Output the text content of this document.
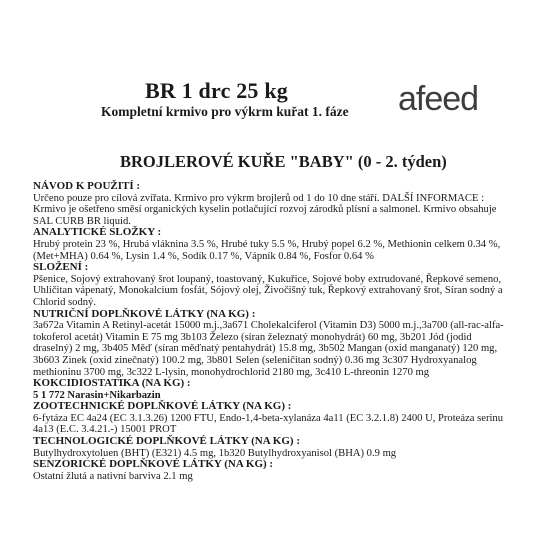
BR 1 drc 25 kg
Kompletní krmivo pro výkrm kuřat 1. fáze afeed
BROJLEROVÉ KUŘE "BABY" (0 - 2. týden)
NÁVOD K POUŽITÍ :

Určeno pouze pro cílová zvířata. Krmivo pro výkrm brojlerů od 1 do 10 dne stáří. DALŠÍ INFORMACE : Krmivo je ošetřeno směsí organických kyselin potlačující rozvoj zárodků plísní a salmonel. Krmivo obsahuje SAL CURB BR liquid.

ANALYTICKÉ SLOŽKY :

Hrubý protein 23 %, Hrubá vláknina 3.5 %, Hrubé tuky 5.5 %, Hrubý popel 6.2 %, Methionin celkem 0.34 %, (Met+MHA) 0.64 %, Lysin 1.4 %, Sodík 0.17 %, Vápník 0.84 %, Fosfor 0.64 %

SLOŽENÍ :

Pšenice, Sojový extrahovaný šrot loupaný, toastovaný, Kukuřice, Sojové boby extrudované, Řepkové semeno, Uhličitan vápenatý, Monokalcium fosfát, Sójový olej, Živočišný tuk, Řepkový extrahovaný šrot, Síran sodný a Chlorid sodný.

NUTRIČNÍ DOPLŇKOVÉ LÁTKY (NA KG) :

3a672a Vitamin A Retinyl-acetát 15000 m.j.,3a671 Cholekalciferol (Vitamin D3) 5000 m.j.,3a700 (all-rac-alfa-tokoferol acetát) Vitamin E 75 mg 3b103 Železo (síran železnatý monohydrát) 60 mg, 3b201 Jód (jodid draselný) 2 mg, 3b405 Měď (síran měďnatý pentahydrát) 15.8 mg, 3b502 Mangan (oxid manganatý) 120 mg, 3b603 Zinek (oxid zinečnatý) 100.2 mg, 3b801 Selen (seleničitan sodný) 0.36 mg 3c307 Hydroxyanalog methioninu 3700 mg, 3c322 L-lysin, monohydrochlorid 2180 mg, 3c410 L-threonin 1270 mg

KOKCIDIOSTATIKA (NA KG) :

5 1 772 Narasin+Nikarbazin

ZOOTECHNICKÉ DOPLŇKOVÉ LÁTKY (NA KG) :

6-fytáza EC 4a24 (EC 3.1.3.26) 1200 FTU, Endo-1,4-beta-xylanáza 4a11 (EC 3.2.1.8) 2400 U, Proteáza serinu 4a13 (E.C. 3.4.21.-) 15001 PROT

TECHNOLOGICKÉ DOPLŇKOVÉ LÁTKY (NA KG) :

Butylhydroxytoluen (BHT) (E321) 4.5 mg, 1b320 Butylhydroxyanisol (BHA) 0.9 mg

SENZORICKÉ DOPLŇKOVÉ LÁTKY (NA KG) :

Ostatní žlutá a nativní barviva 2.1 mg
